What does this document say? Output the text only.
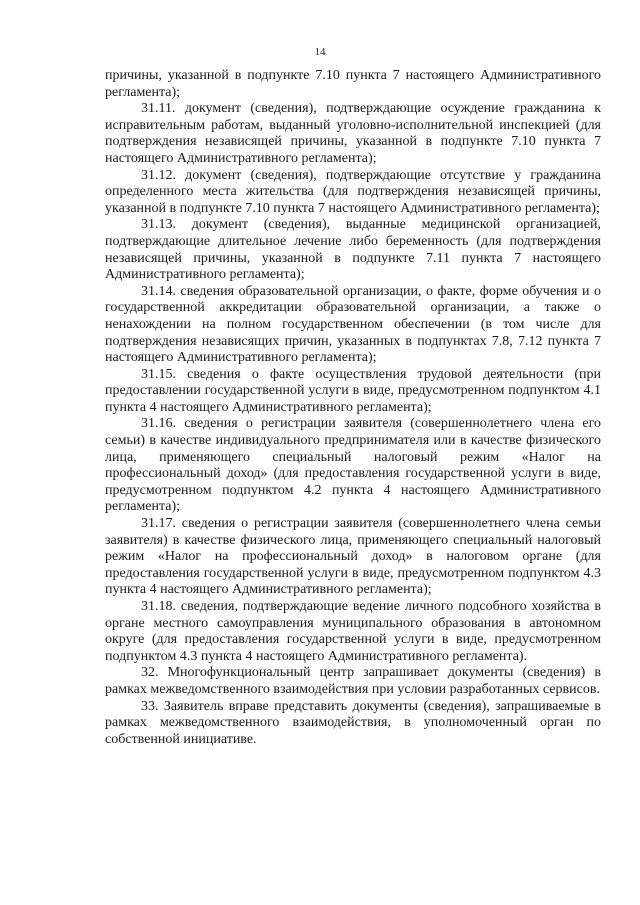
14

причины, указанной в подпункте 7.10 пункта 7 настоящего Административного регламента);

31.11. документ (сведения), подтверждающие осуждение гражданина к исправительным работам, выданный уголовно-исполнительной инспекцией (для подтверждения независящей причины, указанной в подпункте 7.10 пункта 7 настоящего Административного регламента);

31.12. документ (сведения), подтверждающие отсутствие у гражданина определенного места жительства (для подтверждения независящей причины, указанной в подпункте 7.10 пункта 7 настоящего Административного регламента);

31.13. документ (сведения), выданные медицинской организацией, подтверждающие длительное лечение либо беременность (для подтверждения независящей причины, указанной в подпункте 7.11 пункта 7 настоящего Административного регламента);

31.14. сведения образовательной организации, о факте, форме обучения и о государственной аккредитации образовательной организации, а также о ненахождении на полном государственном обеспечении (в том числе для подтверждения независящих причин, указанных в подпунктах 7.8, 7.12 пункта 7 настоящего Административного регламента);

31.15. сведения о факте осуществления трудовой деятельности (при предоставлении государственной услуги в виде, предусмотренном подпунктом 4.1 пункта 4 настоящего Административного регламента);

31.16. сведения о регистрации заявителя (совершеннолетнего члена его семьи) в качестве индивидуального предпринимателя или в качестве физического лица, применяющего специальный налоговый режим «Налог на профессиональный доход» (для предоставления государственной услуги в виде, предусмотренном подпунктом 4.2 пункта 4 настоящего Административного регламента);

31.17. сведения о регистрации заявителя (совершеннолетнего члена семьи заявителя) в качестве физического лица, применяющего специальный налоговый режим «Налог на профессиональный доход» в налоговом органе (для предоставления государственной услуги в виде, предусмотренном подпунктом 4.3 пункта 4 настоящего Административного регламента);

31.18. сведения, подтверждающие ведение личного подсобного хозяйства в органе местного самоуправления муниципального образования в автономном округе (для предоставления государственной услуги в виде, предусмотренном подпунктом 4.3 пункта 4 настоящего Административного регламента).

32. Многофункциональный центр запрашивает документы (сведения) в рамках межведомственного взаимодействия при условии разработанных сервисов.

33. Заявитель вправе представить документы (сведения), запрашиваемые в рамках межведомственного взаимодействия, в уполномоченный орган по собственной инициативе.
